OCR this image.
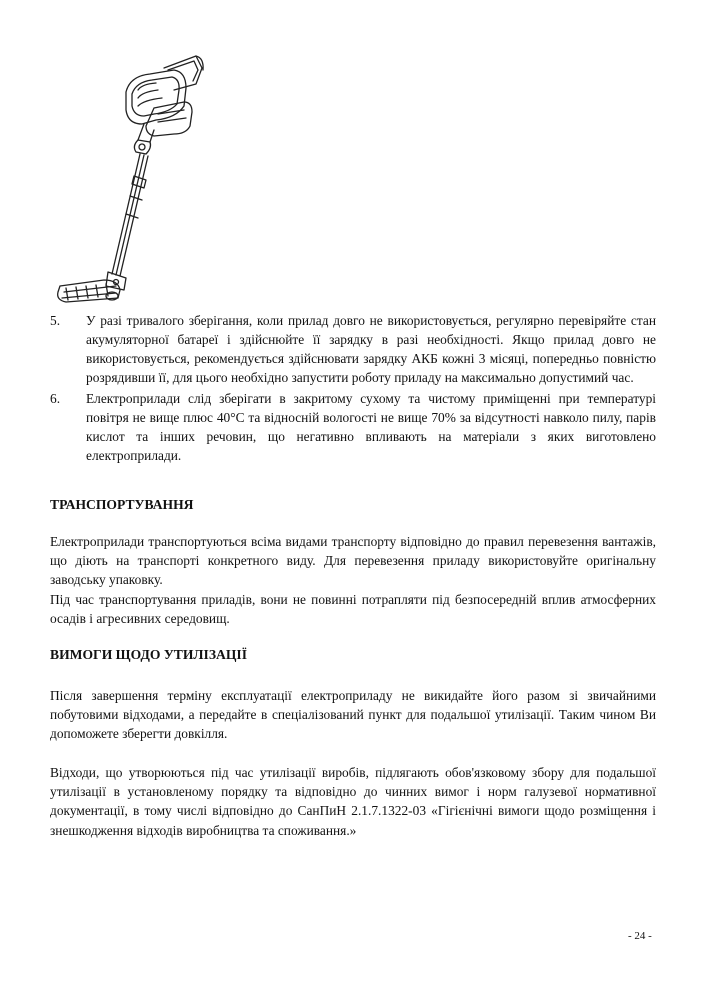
5. У разі тривалого зберігання, коли прилад довго не використовується, регулярно перевіряйте стан акумуляторної батареї і здійснюйте її зарядку в разі необхідності. Якщо прилад довго не використовується, рекомендується здійснювати зарядку АКБ кожні 3 місяці, попередньо повністю розрядивши її, для цього необхідно запустити роботу приладу на максимально допустимий час.
6. Електроприлади слід зберігати в закритому сухому та чистому приміщенні при температурі повітря не вище плюс 40°С та відносній вологості не вище 70% за відсутності навколо пилу, парів кислот та інших речовин, що негативно впливають на матеріали з яких виготовлено електроприлади.
ТРАНСПОРТУВАННЯ

Електроприлади транспортуються всіма видами транспорту відповідно до правил перевезення вантажів, що діють на транспорті конкретного виду. Для перевезення приладу використовуйте оригінальну заводську упаковку.

Під час транспортування приладів, вони не повинні потрапляти під безпосередній вплив атмосферних осадів і агресивних середовищ.

ВИМОГИ ЩОДО УТИЛІЗАЦІЇ

Після завершення терміну експлуатації електроприладу не викидайте його разом зі звичайними побутовими відходами, а передайте в спеціалізований пункт для подальшої утилізації. Таким чином Ви допоможете зберегти довкілля.

Відходи, що утворюються під час утилізації виробів, підлягають обов'язковому збору для подальшої утилізації в установленому порядку та відповідно до чинних вимог і норм галузевої нормативної документації, в тому числі відповідно до СанПиН 2.1.7.1322-03 «Гігієнічні вимоги щодо розміщення і знешкодження відходів виробництва та споживання.»

- 24 -
